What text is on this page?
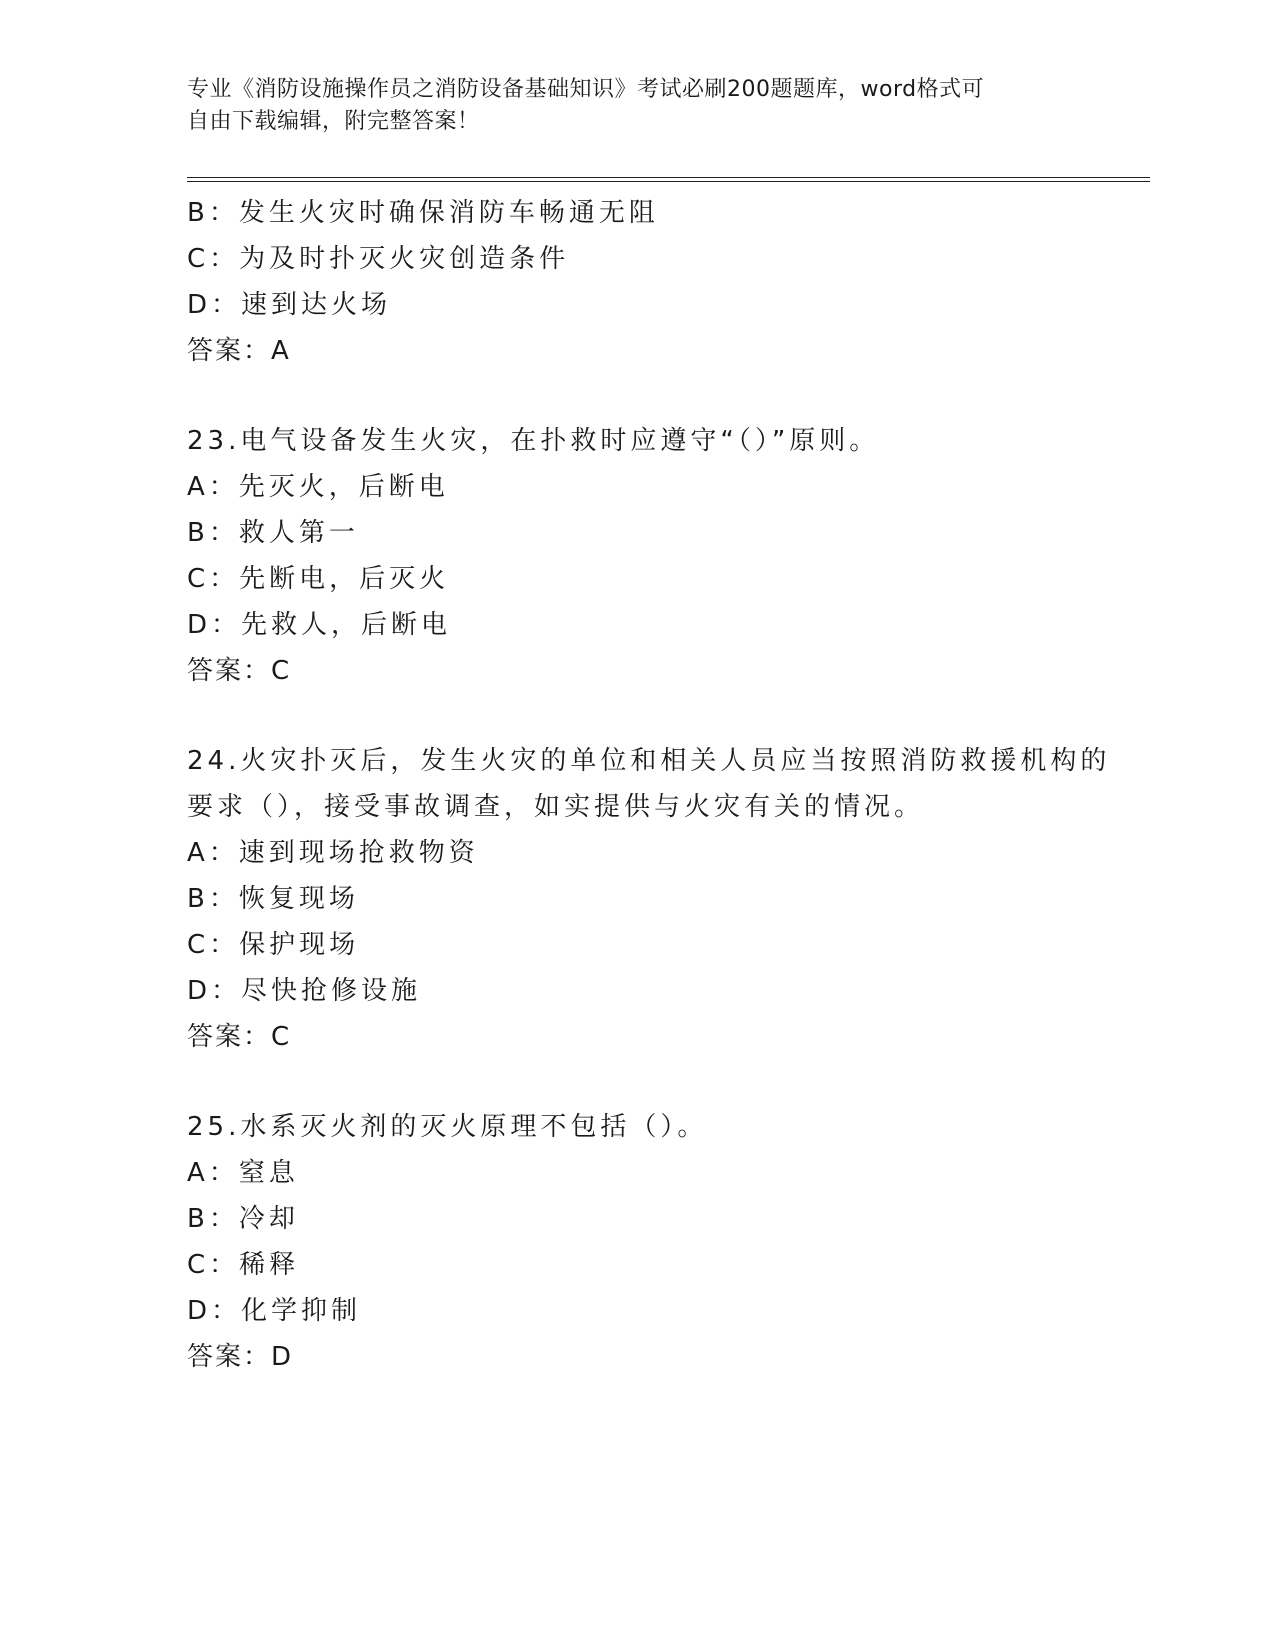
专业《消防设施操作员之消防设备基础知识》考试必刷200题题库，word格式可
自由下载编辑，附完整答案！
B：发生火灾时确保消防车畅通无阻
C：为及时扑灭火灾创造条件
D：速到达火场
答案：A
23.电气设备发生火灾，在扑救时应遵守“（）”原则。
A：先灭火，后断电
B：救人第一
C：先断电，后灭火
D：先救人，后断电
答案：C
24.火灾扑灭后，发生火灾的单位和相关人员应当按照消防救援机构的
要求（），接受事故调查，如实提供与火灾有关的情况。
A：速到现场抢救物资
B：恢复现场
C：保护现场
D：尽快抢修设施
答案：C
25.水系灭火剂的灭火原理不包括（）。
A：窒息
B：冷却
C：稀释
D：化学抑制
答案：D
